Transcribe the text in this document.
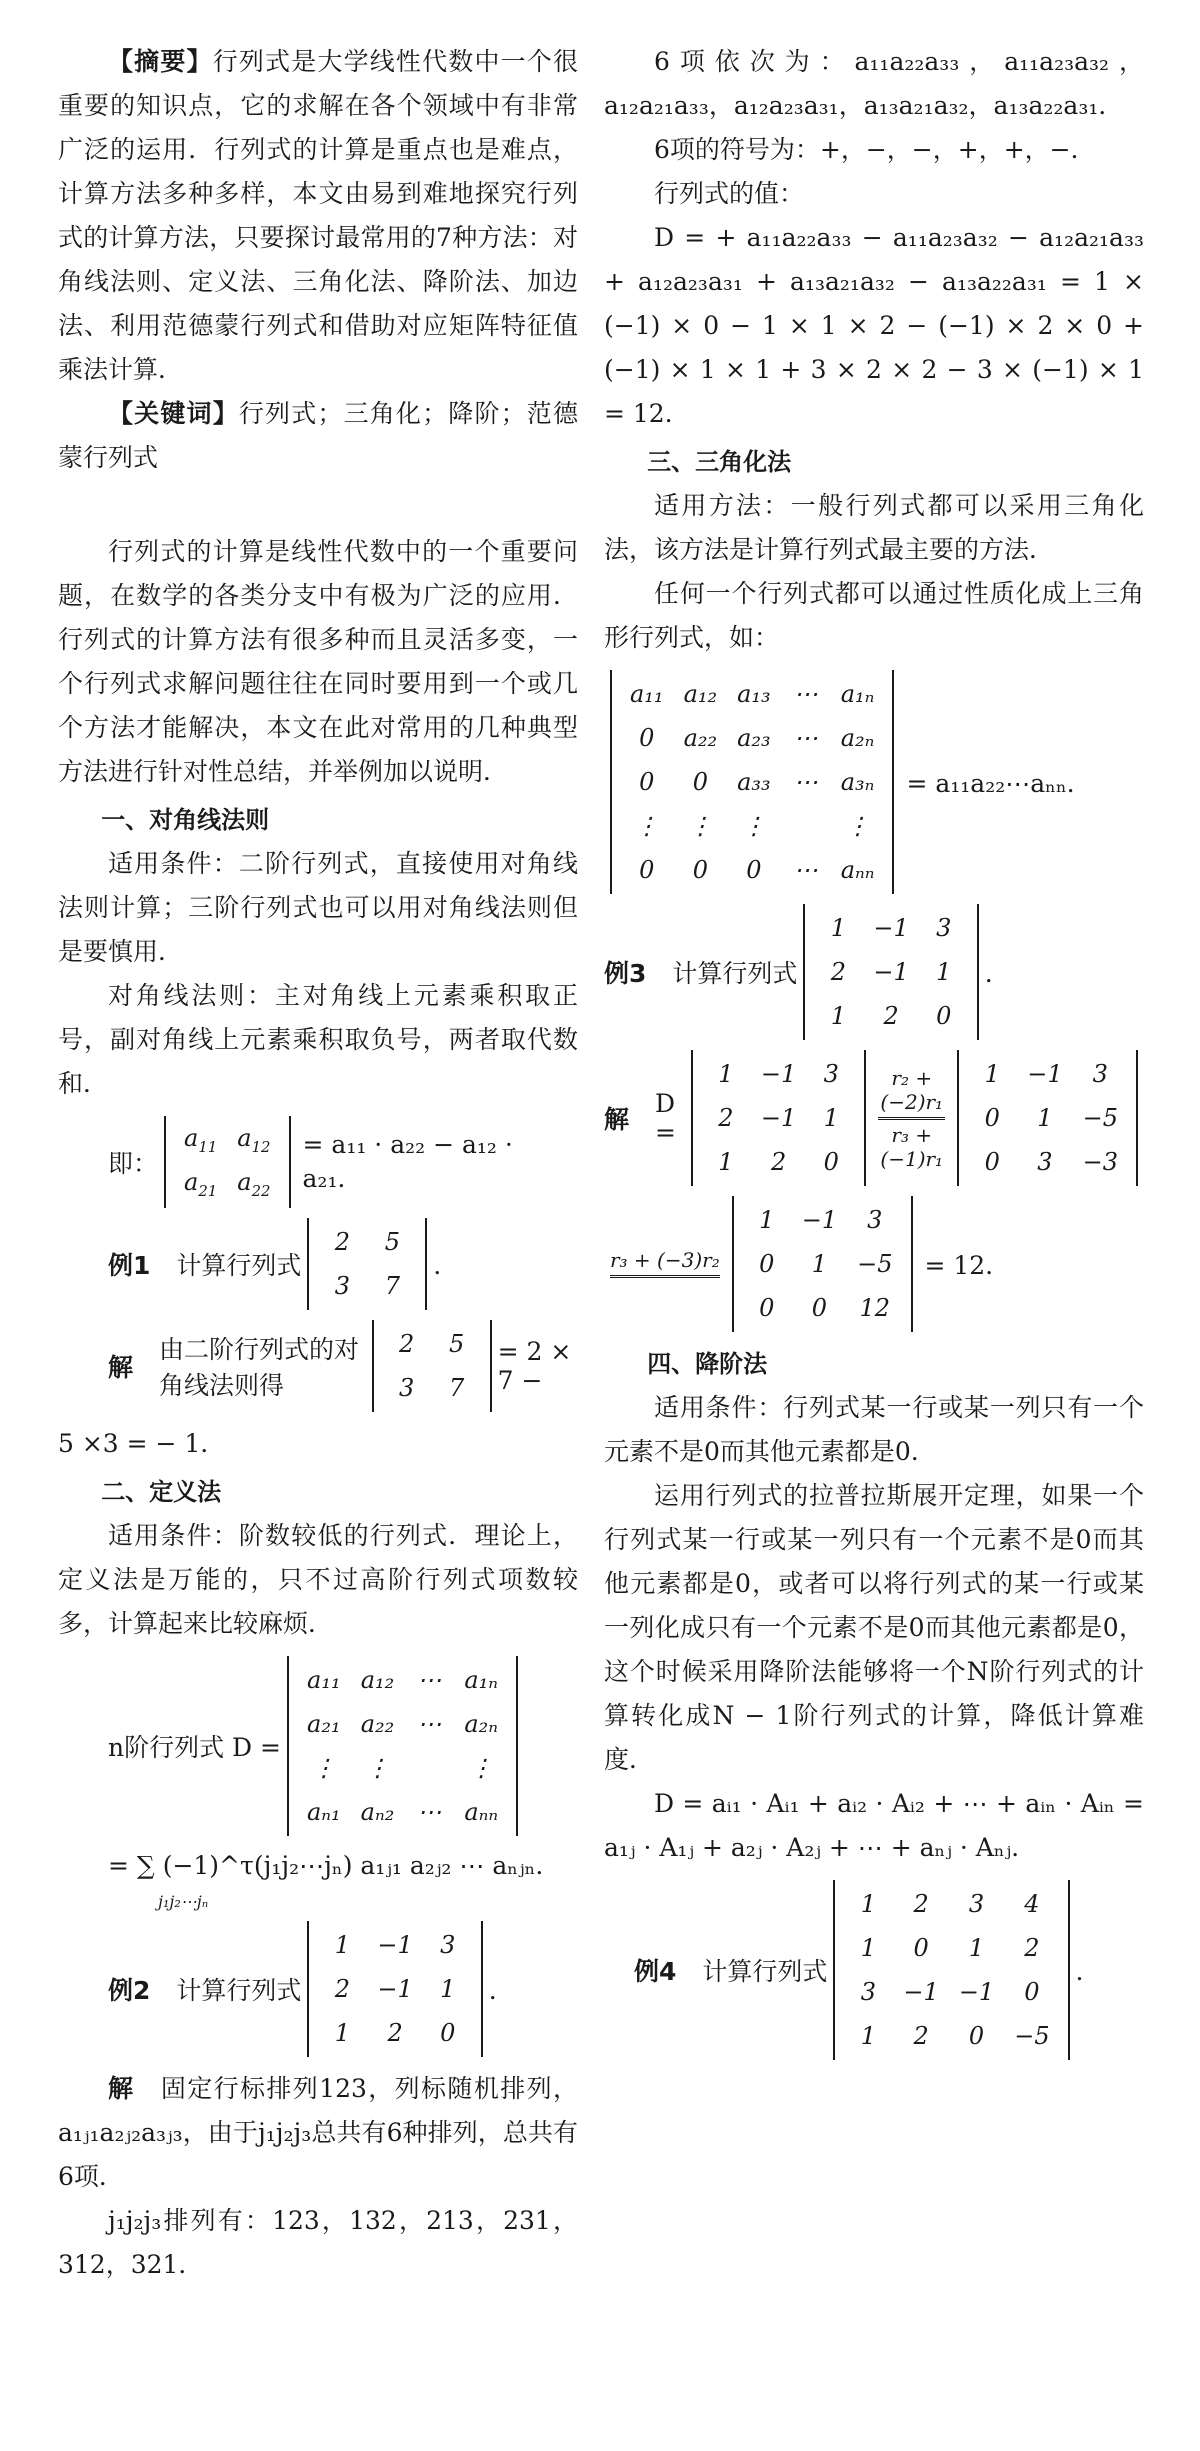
【摘要】行列式是大学线性代数中一个很重要的知识点，它的求解在各个领域中有非常广泛的运用．行列式的计算是重点也是难点，计算方法多种多样，本文由易到难地探究行列式的计算方法，只要探讨最常用的7种方法：对角线法则、定义法、三角化法、降阶法、加边法、利用范德蒙行列式和借助对应矩阵特征值乘法计算．

【关键词】行列式；三角化；降阶；范德蒙行列式

行列式的计算是线性代数中的一个重要问题，在数学的各类分支中有极为广泛的应用．行列式的计算方法有很多种而且灵活多变，一个行列式求解问题往往在同时要用到一个或几个方法才能解决，本文在此对常用的几种典型方法进行针对性总结，并举例加以说明．

一、对角线法则

适用条件：二阶行列式，直接使用对角线法则计算；三阶行列式也可以用对角线法则但是要慎用．

对角线法则：主对角线上元素乘积取正号，副对角线上元素乘积取负号，两者取代数和．

即：
$a_{11}$	$a_{12}$
$a_{21}$	$a_{22}$
= a₁₁ · a₂₂ − a₁₂ · a₂₁．
例1 计算行列式
2	5
3	7
．
解
由二阶行列式的对角线法则得
2	5
3	7
= 2 × 7 −

5 ×3 = − 1．

二、定义法

适用条件：阶数较低的行列式．理论上，定义法是万能的，只不过高阶行列式项数较多，计算起来比较麻烦．

n阶行列式 D =
a₁₁	a₁₂	⋯	a₁ₙ
a₂₁	a₂₂	⋯	a₂ₙ
⋮	⋮		⋮
aₙ₁	aₙ₂	⋯	aₙₙ
= ∑ (−1)^τ(j₁j₂⋯jₙ) a₁ⱼ₁ a₂ⱼ₂ ⋯ aₙⱼₙ．
j₁j₂⋯jₙ
例2 计算行列式
1	−1	3
2	−1	1
1	2	0
．

解　 固定行标排列123，列标随机排列，a₁ⱼ₁a₂ⱼ₂a₃ⱼ₃，由于j₁j₂j₃总共有6种排列，总共有6项．

j₁j₂j₃排列有：123，132，213，231，312，321．

6项依次为：a₁₁a₂₂a₃₃，a₁₁a₂₃a₃₂，a₁₂a₂₁a₃₃，a₁₂a₂₃a₃₁，a₁₃a₂₁a₃₂，a₁₃a₂₂a₃₁．

6项的符号为：+，−，−，+，+，−．

行列式的值：

D = + a₁₁a₂₂a₃₃ − a₁₁a₂₃a₃₂ − a₁₂a₂₁a₃₃ + a₁₂a₂₃a₃₁ + a₁₃a₂₁a₃₂ − a₁₃a₂₂a₃₁ = 1 × (−1) × 0 − 1 × 1 × 2 − (−1) × 2 × 0 + (−1) × 1 × 1 + 3 × 2 × 2 − 3 × (−1) × 1 = 12．

三、三角化法

适用方法：一般行列式都可以采用三角化法，该方法是计算行列式最主要的方法．

任何一个行列式都可以通过性质化成上三角形行列式，如：

a₁₁	a₁₂	a₁₃	⋯	a₁ₙ
0	a₂₂	a₂₃	⋯	a₂ₙ
0	0	a₃₃	⋯	a₃ₙ
⋮	⋮	⋮		⋮
0	0	0	⋯	aₙₙ
= a₁₁a₂₂⋯aₙₙ．
例3 计算行列式
1	−1	3
2	−1	1
1	2	0
．
解
D =
1	−1	3
2	−1	1
1	2	0
r₂ + (−2)r₁
r₃ + (−1)r₁
1	−1	3
0	1	−5
0	3	−3
r₃ + (−3)r₂
1	−1	3
0	1	−5
0	0	12
= 12．
四、降阶法

适用条件：行列式某一行或某一列只有一个元素不是0而其他元素都是0．

运用行列式的拉普拉斯展开定理，如果一个行列式某一行或某一列只有一个元素不是0而其他元素都是0，或者可以将行列式的某一行或某一列化成只有一个元素不是0而其他元素都是0，这个时候采用降阶法能够将一个N阶行列式的计算转化成N − 1阶行列式的计算，降低计算难度．

D = aᵢ₁ · Aᵢ₁ + aᵢ₂ · Aᵢ₂ + ⋯ + aᵢₙ · Aᵢₙ = a₁ⱼ · A₁ⱼ + a₂ⱼ · A₂ⱼ + ⋯ + aₙⱼ · Aₙⱼ．

例4 计算行列式
1	2	3	4
1	0	1	2
3	−1	−1	0
1	2	0	−5
．
